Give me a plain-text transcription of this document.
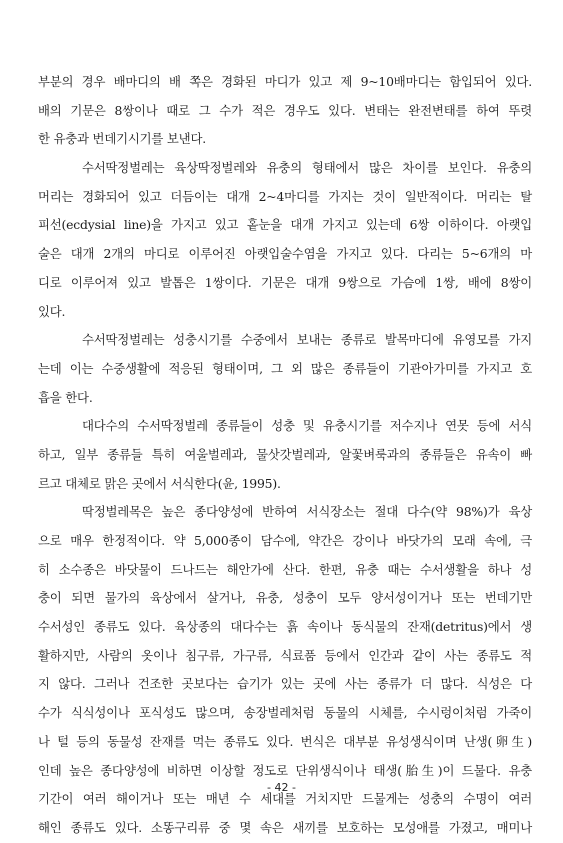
부분의 경우 배마디의 배 쪽은 경화된 마디가 있고 제 9~10배마디는 함입되어 있다.
배의 기문은 8쌍이나 때로 그 수가 적은 경우도 있다. 변태는 완전변태를 하여 뚜렷
한 유충과 번데기시기를 보낸다.
수서딱정벌레는 육상딱정벌레와 유충의 형태에서 많은 차이를 보인다. 유충의
머리는 경화되어 있고 더듬이는 대개 2~4마디를 가지는 것이 일반적이다. 머리는 탈
피선(ecdysial line)을 가지고 있고 홑눈을 대개 가지고 있는데 6쌍 이하이다. 아랫입
술은 대개 2개의 마디로 이루어진 아랫입술수염을 가지고 있다. 다리는 5~6개의 마
디로 이루어져 있고 발톱은 1쌍이다. 기문은 대개 9쌍으로 가슴에 1쌍, 배에 8쌍이
있다.
수서딱정벌레는 성충시기를 수중에서 보내는 종류로 발목마디에 유영모를 가지
는데 이는 수중생활에 적응된 형태이며, 그 외 많은 종류들이 기관아가미를 가지고 호
흡을 한다.
대다수의 수서딱정벌레 종류들이 성충 및 유충시기를 저수지나 연못 등에 서식
하고, 일부 종류들 특히 여울벌레과, 물삿갓벌레과, 알꽃벼룩과의 종류들은 유속이 빠
르고 대체로 맑은 곳에서 서식한다(윤, 1995).
딱정벌레목은 높은 종다양성에 반하여 서식장소는 절대 다수(약 98%)가 육상
으로 매우 한정적이다. 약 5,000종이 담수에, 약간은 강이나 바닷가의 모래 속에, 극
히 소수종은 바닷물이 드나드는 해안가에 산다. 한편, 유충 때는 수서생활을 하나 성
충이 되면 물가의 육상에서 살거나, 유충, 성충이 모두 양서성이거나 또는 번데기만
수서성인 종류도 있다. 육상종의 대다수는 흙 속이나 동식물의 잔재(detritus)에서 생
활하지만, 사람의 옷이나 침구류, 가구류, 식료품 등에서 인간과 같이 사는 종류도 적
지 않다. 그러나 건조한 곳보다는 습기가 있는 곳에 사는 종류가 더 많다. 식성은 다
수가 식식성이나 포식성도 많으며, 송장벌레처럼 동물의 시체를, 수시렁이처럼 가죽이
나 털 등의 동물성 잔재를 먹는 종류도 있다. 번식은 대부분 유성생식이며 난생(卵生)
인데 높은 종다양성에 비하면 이상할 정도로 단위생식이나 태생(胎生)이 드물다. 유충
기간이 여러 해이거나 또는 매년 수 세대를 거치지만 드물게는 성충의 수명이 여러
해인 종류도 있다. 소똥구리류 중 몇 속은 새끼를 보호하는 모성애를 가졌고, 매미나
- 42 -
